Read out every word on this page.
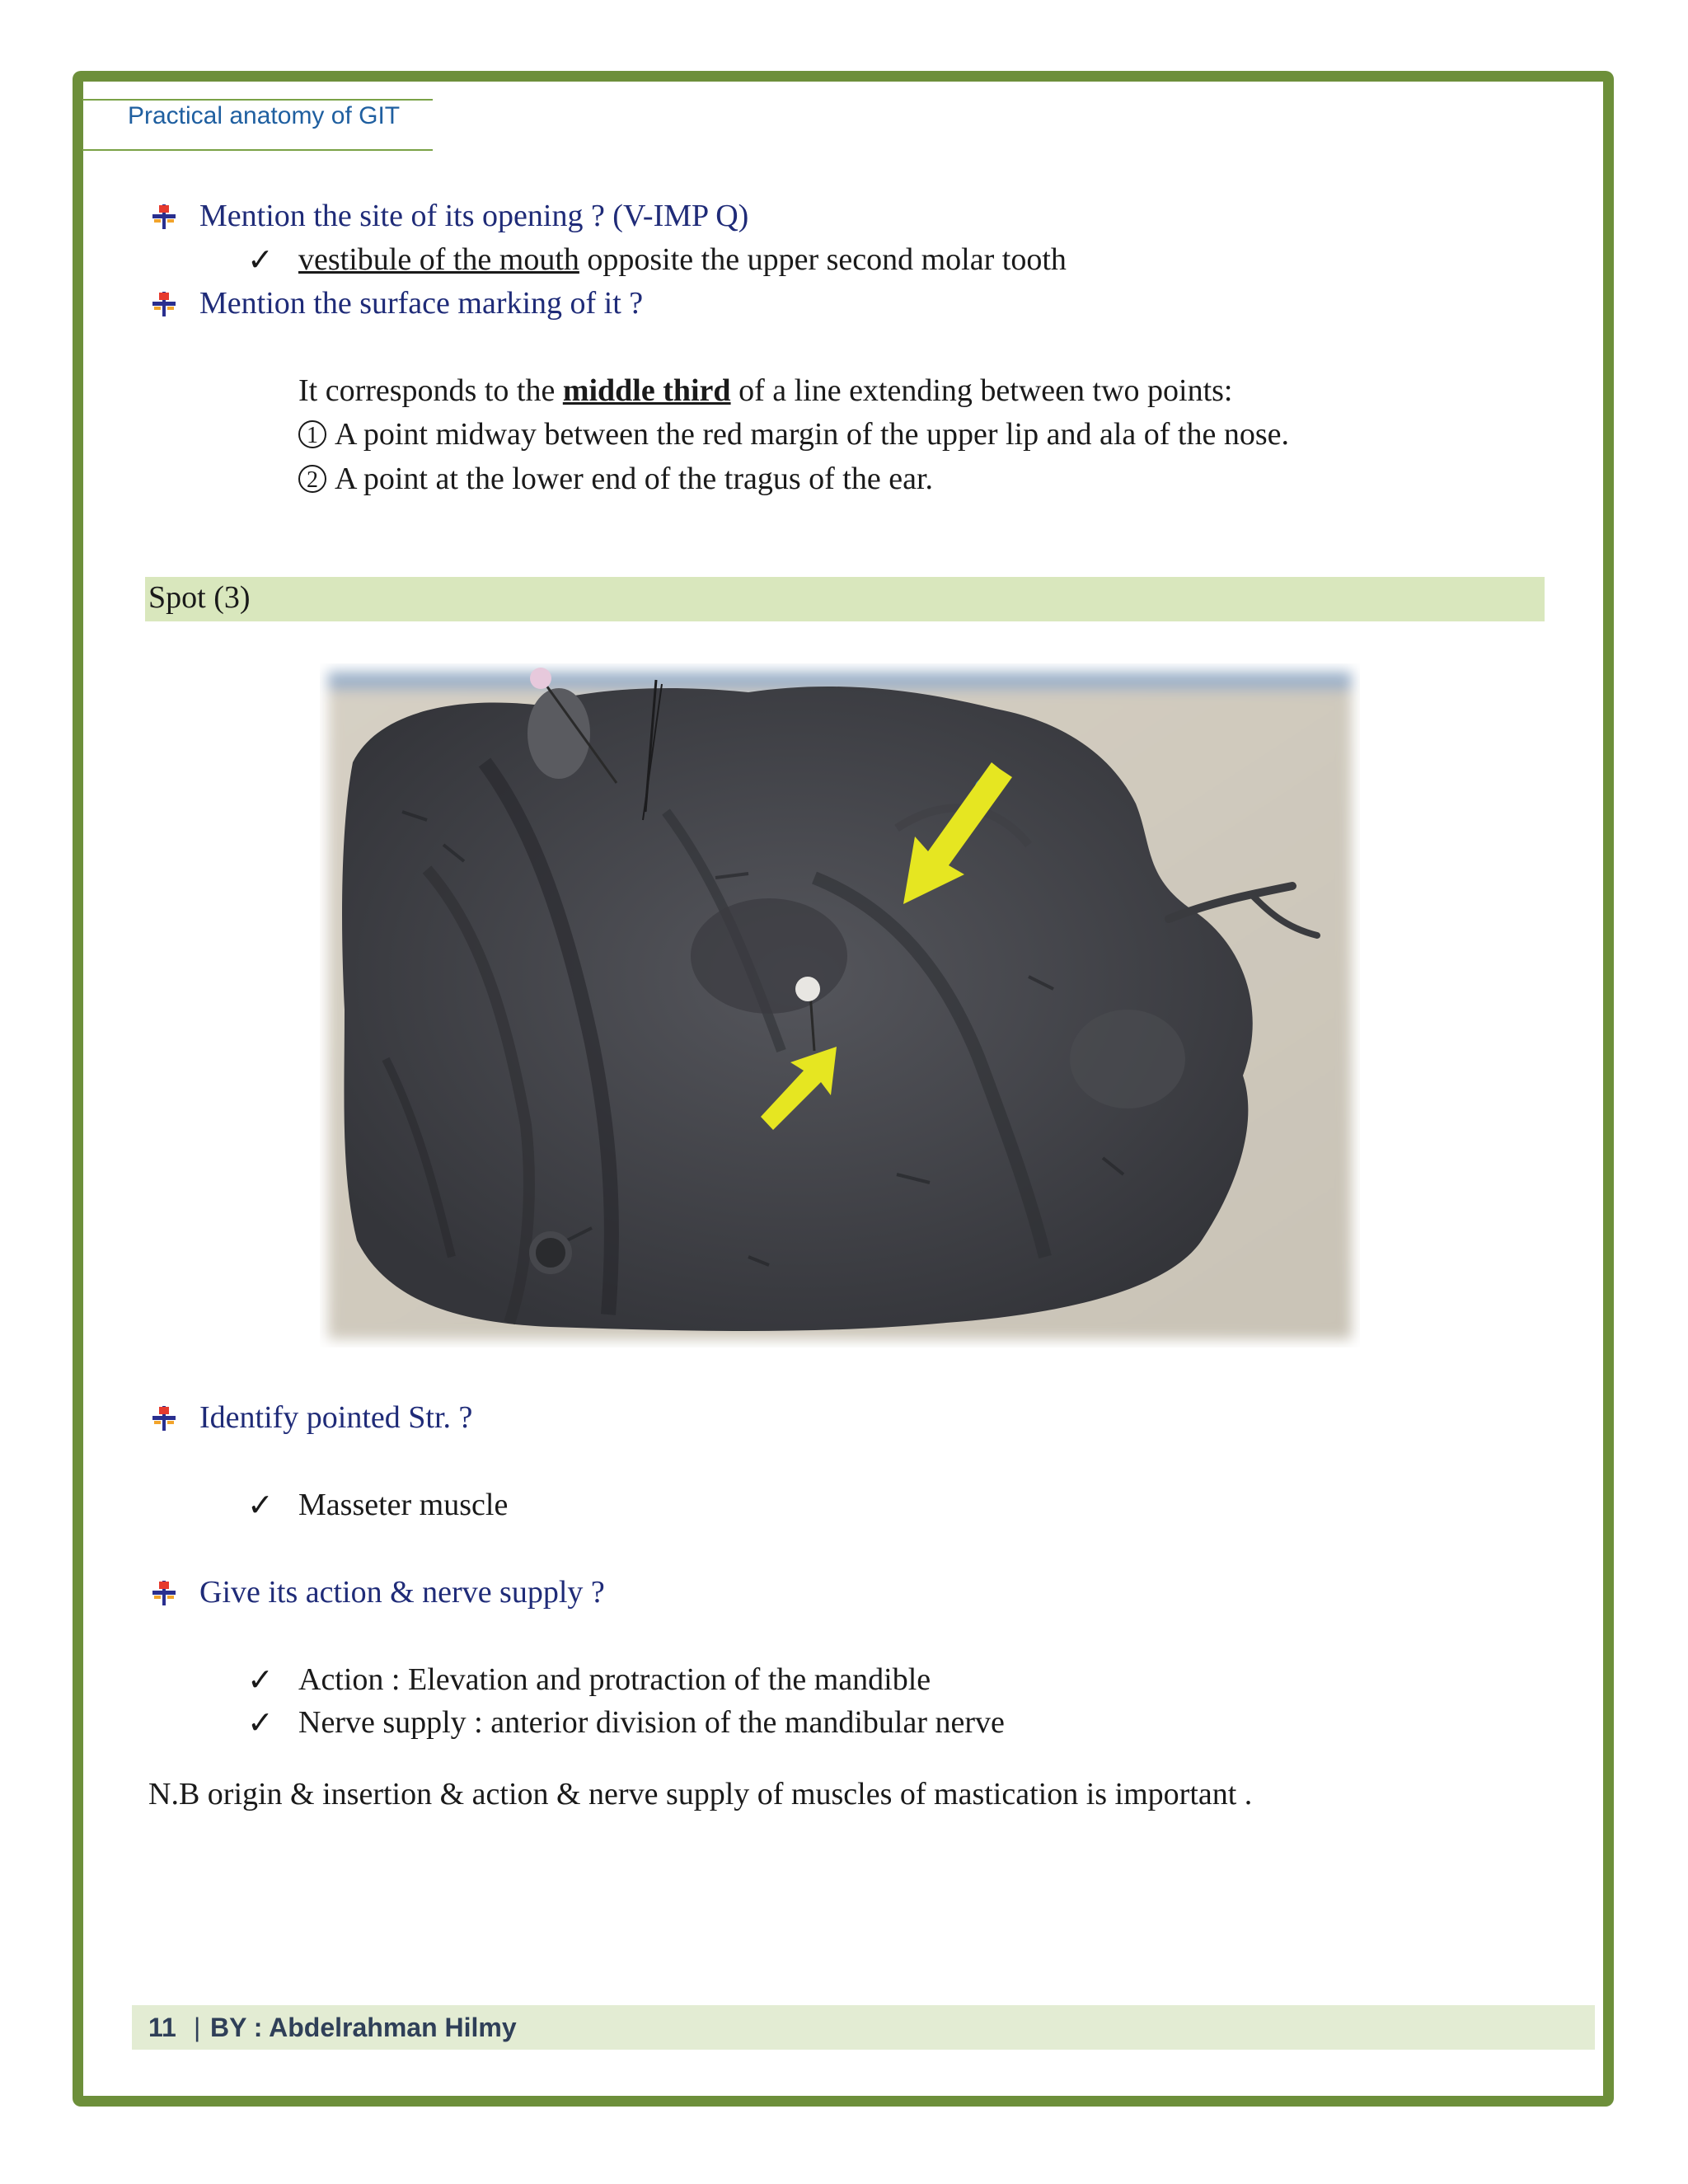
Practical anatomy of GIT
Mention the site of its opening ? (V-IMP Q)
✓ vestibule of the mouth opposite the upper second molar tooth
Mention the surface marking of it ?
It corresponds to the middle third of a line extending between two points:
1 A point midway between the red margin of the upper lip and ala of the nose.
2 A point at the lower end of the tragus of the ear.
Spot (3)
Identify pointed Str. ?
✓ Masseter muscle
Give its action & nerve supply ?
✓ Action : Elevation and protraction of the mandible
✓ Nerve supply : anterior division of the mandibular nerve
N.B origin & insertion & action & nerve supply of muscles of mastication is important .
11 | BY : Abdelrahman Hilmy
